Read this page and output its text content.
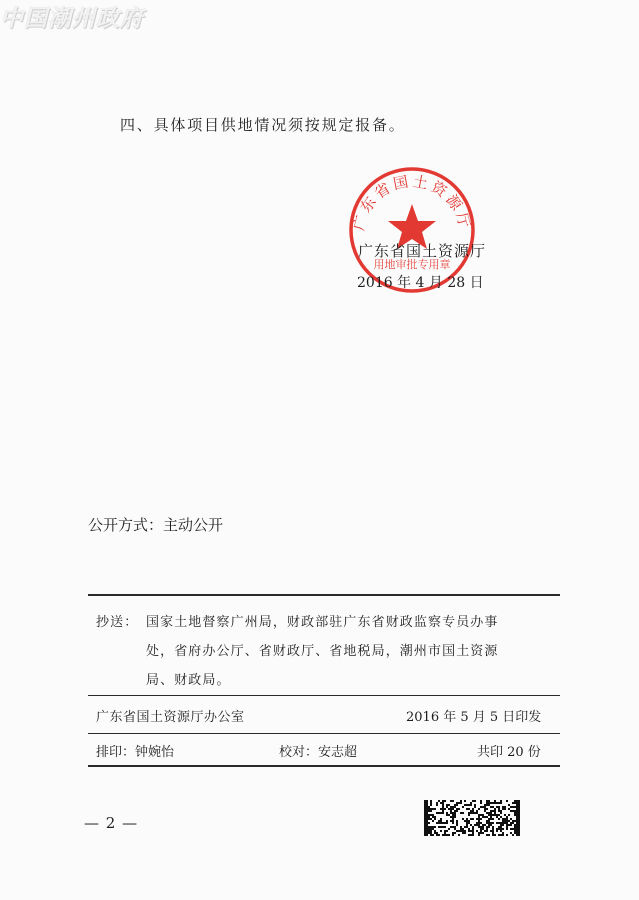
中国潮州政府
四、具体项目供地情况须按规定报备。
广东省国土资源厅
用地审批专用章
广东省国土资源厅
2016 年 4 月 28 日
公开方式：主动公开
抄送： 国家土地督察广州局，财政部驻广东省财政监察专员办事
处，省府办公厅、省财政厅、省地税局，潮州市国土资源
局、财政局。
广东省国土资源厅办公室	2016 年 5 月 5 日印发
排印：钟婉怡	校对：安志超	共印 20 份
— 2 —
